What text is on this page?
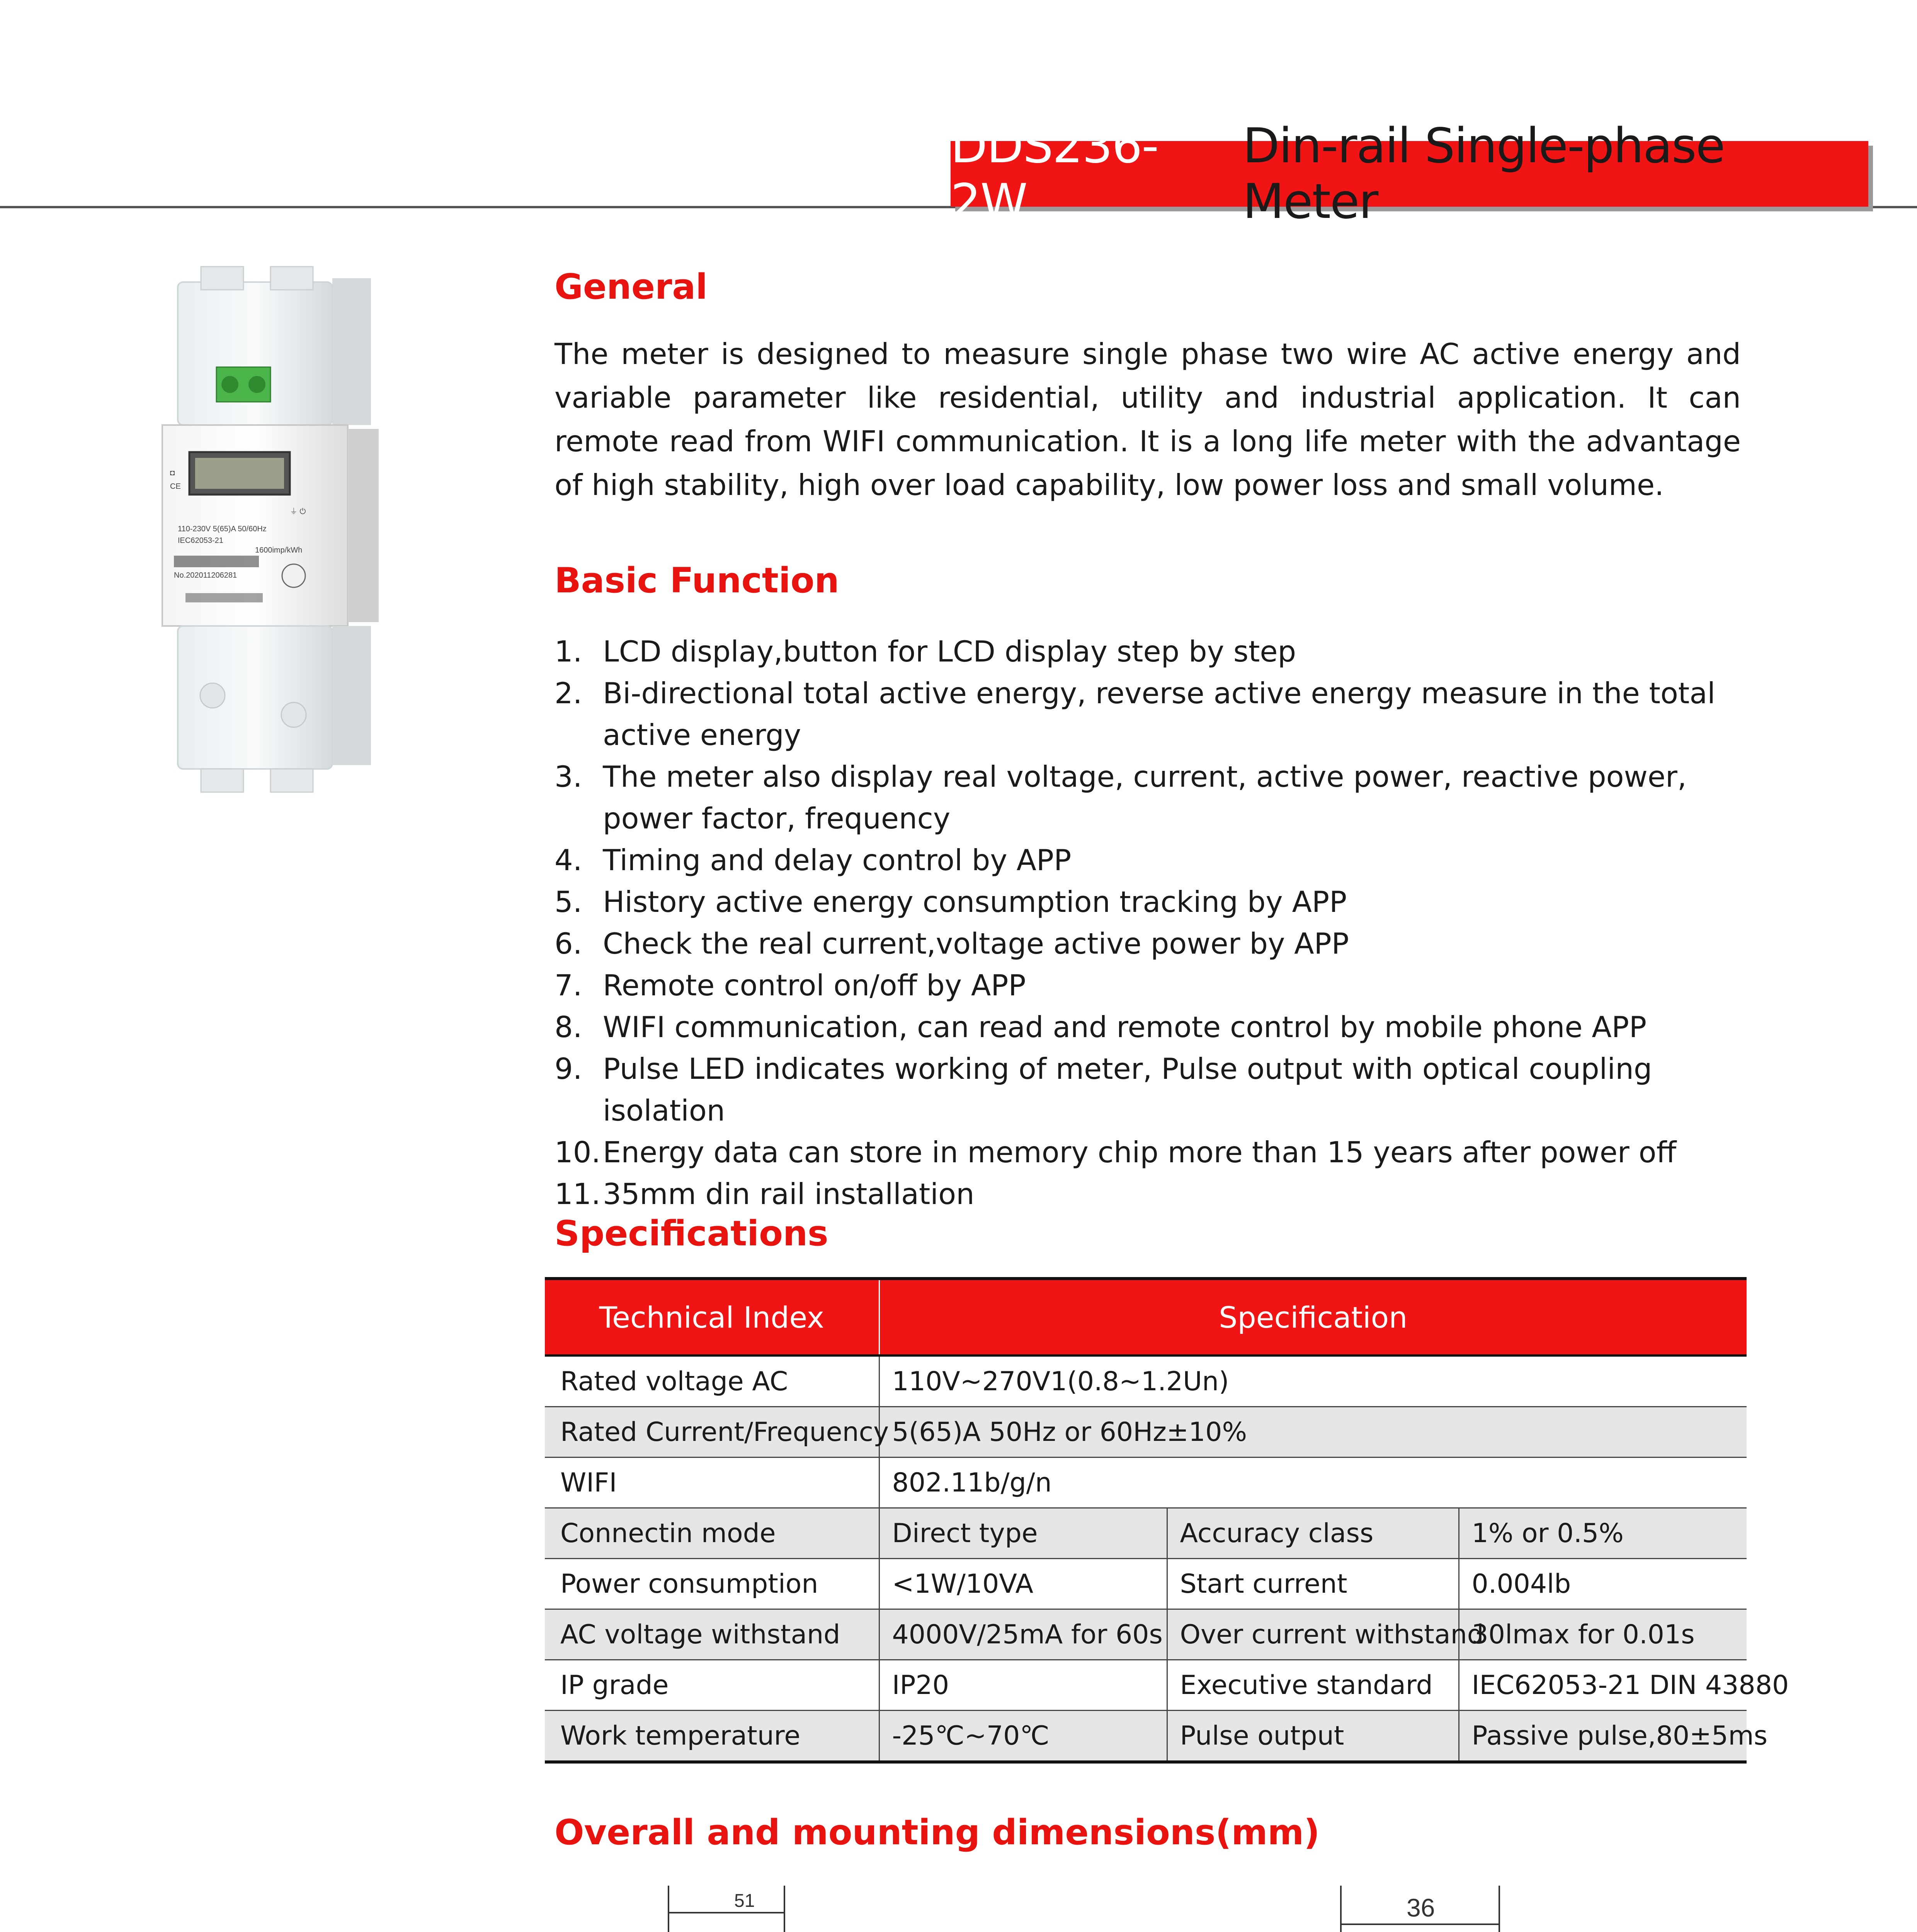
DDS236-2W
Din-rail Single-phase Meter
◘
CE
⏚ ⏻
110-230V 5(65)A 50/60Hz
IEC62053-21
1600imp/kWh
No.202011206281
General
The meter is designed to measure single phase two wire AC active energy and variable parameter like residential, utility and industrial application. It can remote read from WIFI communication. It is a long life meter with the advantage of high stability, high over load capability, low power loss and small volume.
Basic Function
1. LCD display,button for LCD display step by step
2. Bi-directional total active energy, reverse active energy measure in the total active energy
3. The meter also display real voltage, current, active power, reactive power, power factor, frequency
4. Timing and delay control by APP
5. History active energy consumption tracking by APP
6. Check the real current,voltage active power by APP
7. Remote control on/off by APP
8. WIFI communication, can read and remote control by mobile phone APP
9. Pulse LED indicates working of meter, Pulse output with optical coupling isolation
10. Energy data can store in memory chip more than 15 years after power off
11. 35mm din rail installation
Specifications
Technical Index	Specification		
Rated voltage AC	110V~270V1(0.8~1.2Un)		
Rated Current/Frequency	5(65)A 50Hz or 60Hz±10%		
WIFI	802.11b/g/n		
Connectin mode	Direct type	Accuracy class	1% or 0.5%
Power consumption	<1W/10VA	Start current	0.004lb
AC voltage withstand	4000V/25mA for 60s	Over current withstand	30lmax for 0.01s
IP grade	IP20	Executive standard	IEC62053-21 DIN 43880
Work temperature	-25℃~70℃	Pulse output	Passive pulse,80±5ms
Overall and mounting dimensions(mm)
51	36
